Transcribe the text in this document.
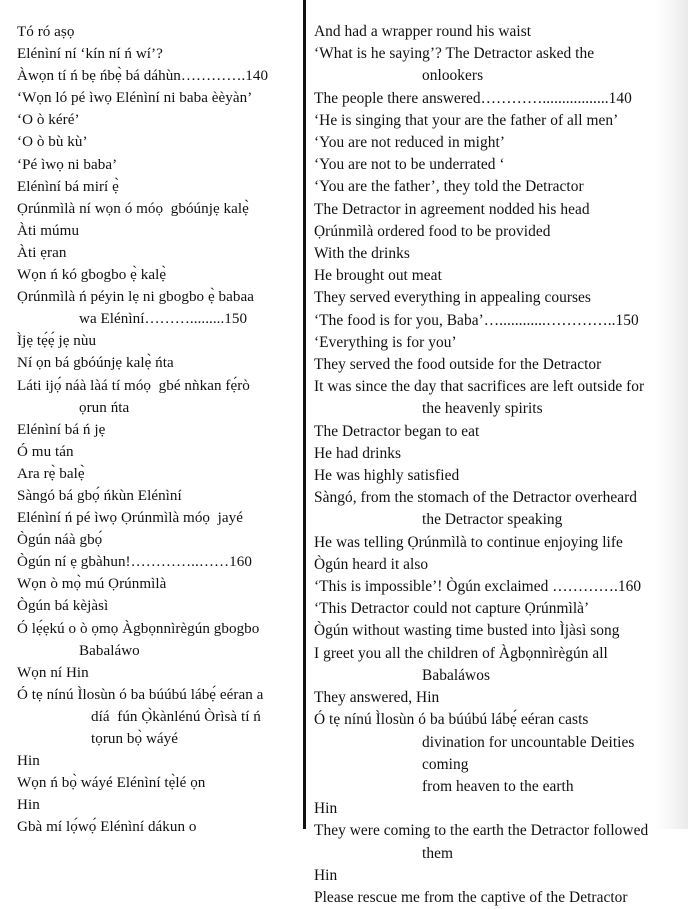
Tó ró aṣọ
Elénìní ní ‘kín ní ń wí’?
Àwọn tí ń bẹ ńbẹ̀ bá dáhùn………….140
‘Wọn ló pé ìwọ Elénìní ni baba èèyàn’
‘O ò kéré’
‘O ò bù kù’
‘Pé ìwọ ni baba’
Elénìní bá mirí ẹ̀
Ọrúnmìlà ní wọn ó móọ  gbóúnjẹ kalẹ̀
Àti múmu
Àti ẹran
Wọn ń kó gbogbo ẹ̀ kalẹ̀
Ọrúnmìlà ń péyin lẹ ni gbogbo ẹ̀ babaa
wa Elénìní……….........150
Ìjẹ tẹ́ẹ́ jẹ nùu
Ní ọn bá gbóúnjẹ kalẹ̀ ńta
Láti ijọ́ náà làá tí móọ  gbé nǹkan fẹ́rò
ọrun ńta
Elénìní bá ń jẹ
Ó mu tán
Ara rẹ̀ balẹ̀
Sàngó bá gbọ́ ńkùn Elénìní
Elénìní ń pé ìwọ Ọrúnmìlà móọ  jayé
Ògún náà gbọ́
Ògún ní ẹ gbàhun!…………..……160
Wọn ò mọ̀ mú Ọrúnmìlà
Ògún bá kèjàsì
Ó lẹ́ẹkú o ò ọmọ Àgbọnnìrègún gbogbo
Babaláwo
Wọn ní Hin
Ó tẹ nínú Ìlosùn ó ba búúbú lábẹ́ eéran a
díá  fún Ọ̀kànlénú Òrìsà tí ń
tọrun bọ̀ wáyé
Hin
Wọn ń bọ̀ wáyé Elénìní tẹ̀lé ọn
Hin
Gbà mí lọ́wọ́ Elénìní dákun o
And had a wrapper round his waist
‘What is he saying’? The Detractor asked the
onlookers
The people there answered………….................140
‘He is singing that your are the father of all men’
‘You are not reduced in might’
‘You are not to be underrated ‘
‘You are the father’, they told the Detractor
The Detractor in agreement nodded his head
Ọrúnmìlà ordered food to be provided
With the drinks
He brought out meat
They served everything in appealing courses
‘The food is for you, Baba’…............…………..150
‘Everything is for you’
They served the food outside for the Detractor
It was since the day that sacrifices are left outside for
the heavenly spirits
The Detractor began to eat
He had drinks
He was highly satisfied
Sàngó, from the stomach of the Detractor overheard
the Detractor speaking
He was telling Ọrúnmìlà to continue enjoying life
Ògún heard it also
‘This is impossible’! Ògún exclaimed ………….160
‘This Detractor could not capture Ọrúnmìlà’
Ògún without wasting time busted into Ìjàsì song
I greet you all the children of Àgbọnnìrègún all
Babaláwos
They answered, Hin
Ó tẹ nínú Ìlosùn ó ba búúbú lábẹ́ eéran casts
divination for uncountable Deities  coming
from heaven to the earth
Hin
They were coming to the earth the Detractor followed
them
Hin
Please rescue me from the captive of the Detractor
